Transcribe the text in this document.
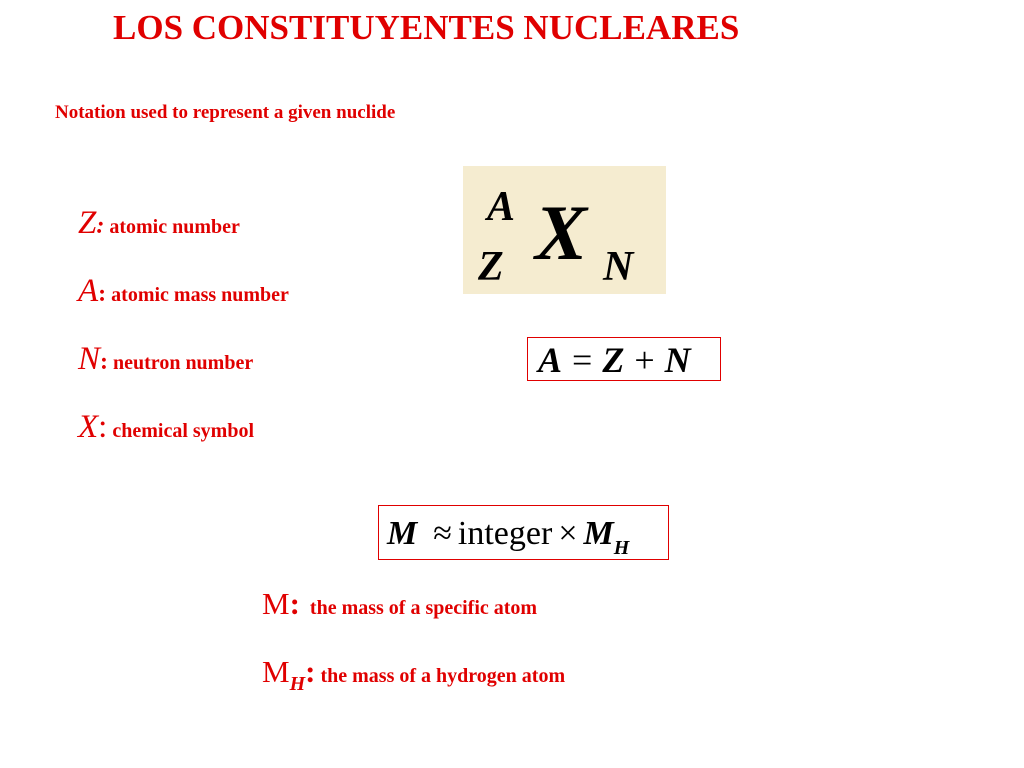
LOS CONSTITUYENTES NUCLEARES
Notation used to represent a given nuclide
Z: atomic number
A: atomic mass number
N: neutron number
X: chemical symbol
A X
Z N
A = Z + N
M ≈ integer × $M_H$
M:  the mass of a specific atom
MH: the mass of a hydrogen atom
